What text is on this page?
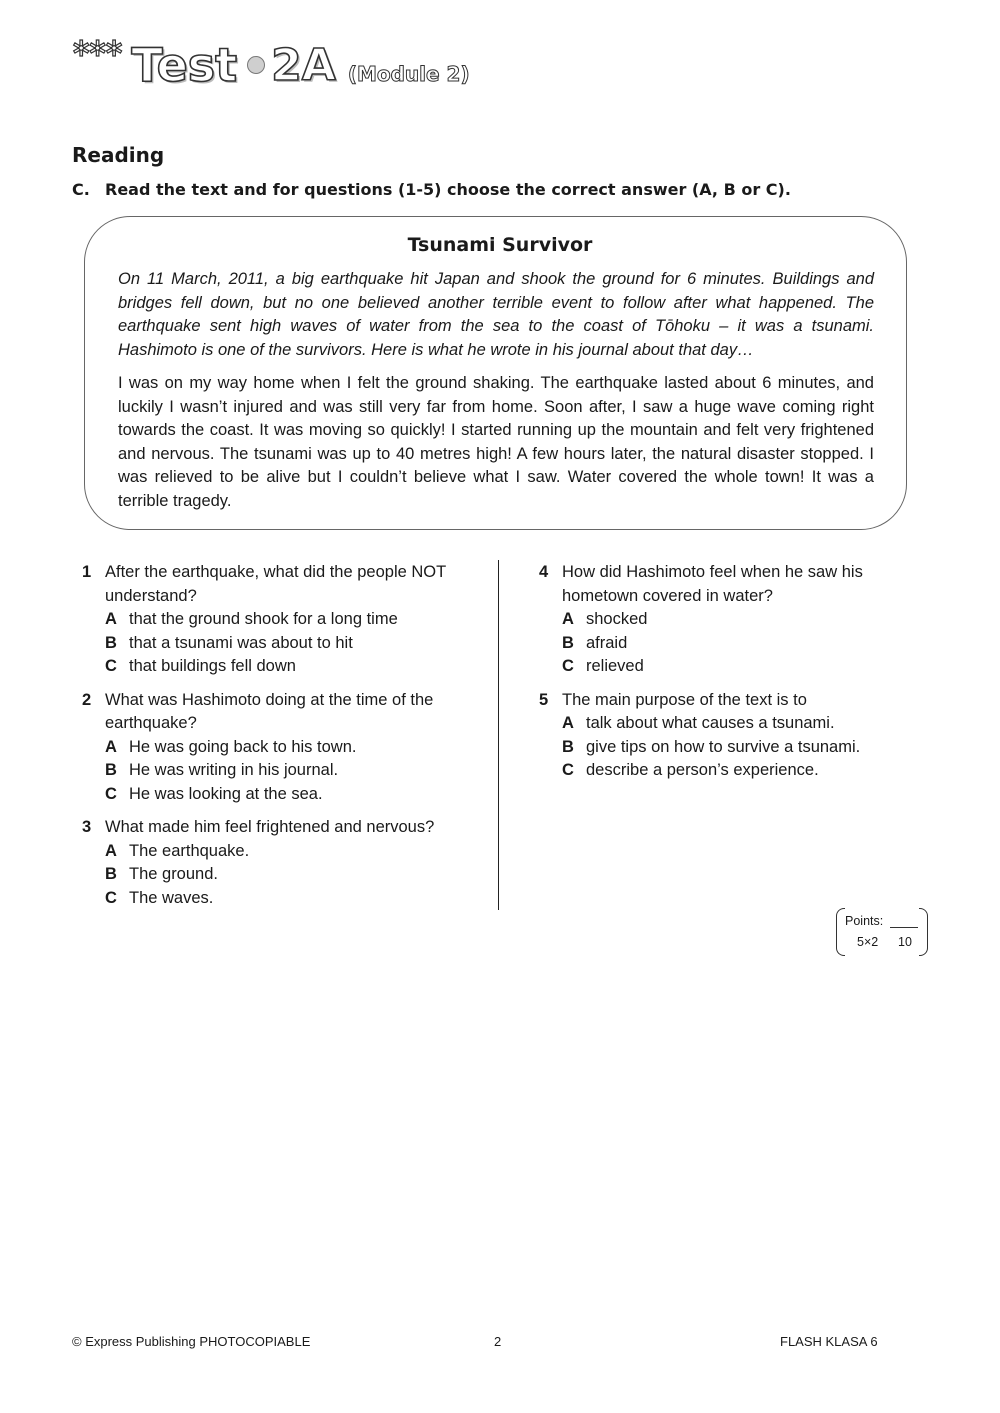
✲✲✲ Test 2A (Module 2)
Reading
C. Read the text and for questions (1-5) choose the correct answer (A, B or C).
Tsunami Survivor
On 11 March, 2011, a big earthquake hit Japan and shook the ground for 6 minutes. Buildings and bridges fell down, but no one believed another terrible event to follow after what happened. The earthquake sent high waves of water from the sea to the coast of Tōhoku – it was a tsunami. Hashimoto is one of the survivors. Here is what he wrote in his journal about that day…
I was on my way home when I felt the ground shaking. The earthquake lasted about 6 minutes, and luckily I wasn’t injured and was still very far from home. Soon after, I saw a huge wave coming right towards the coast. It was moving so quickly! I started running up the mountain and felt very frightened and nervous. The tsunami was up to 40 metres high! A few hours later, the natural disaster stopped. I was relieved to be alive but I couldn’t believe what I saw. Water covered the whole town! It was a terrible tragedy.
1 After the earthquake, what did the people NOT understand?
A that the ground shook for a long time
B that a tsunami was about to hit
C that buildings fell down
2 What was Hashimoto doing at the time of the earthquake?
A He was going back to his town.
B He was writing in his journal.
C He was looking at the sea.
3 What made him feel frightened and nervous?
A The earthquake.
B The ground.
C The waves.
4 How did Hashimoto feel when he saw his hometown covered in water?
A shocked
B afraid
C relieved
5 The main purpose of the text is to
A talk about what causes a tsunami.
B give tips on how to survive a tsunami.
C describe a person’s experience.
Points:
5×2 10
© Express Publishing PHOTOCOPIABLE	2	FLASH KLASA 6
